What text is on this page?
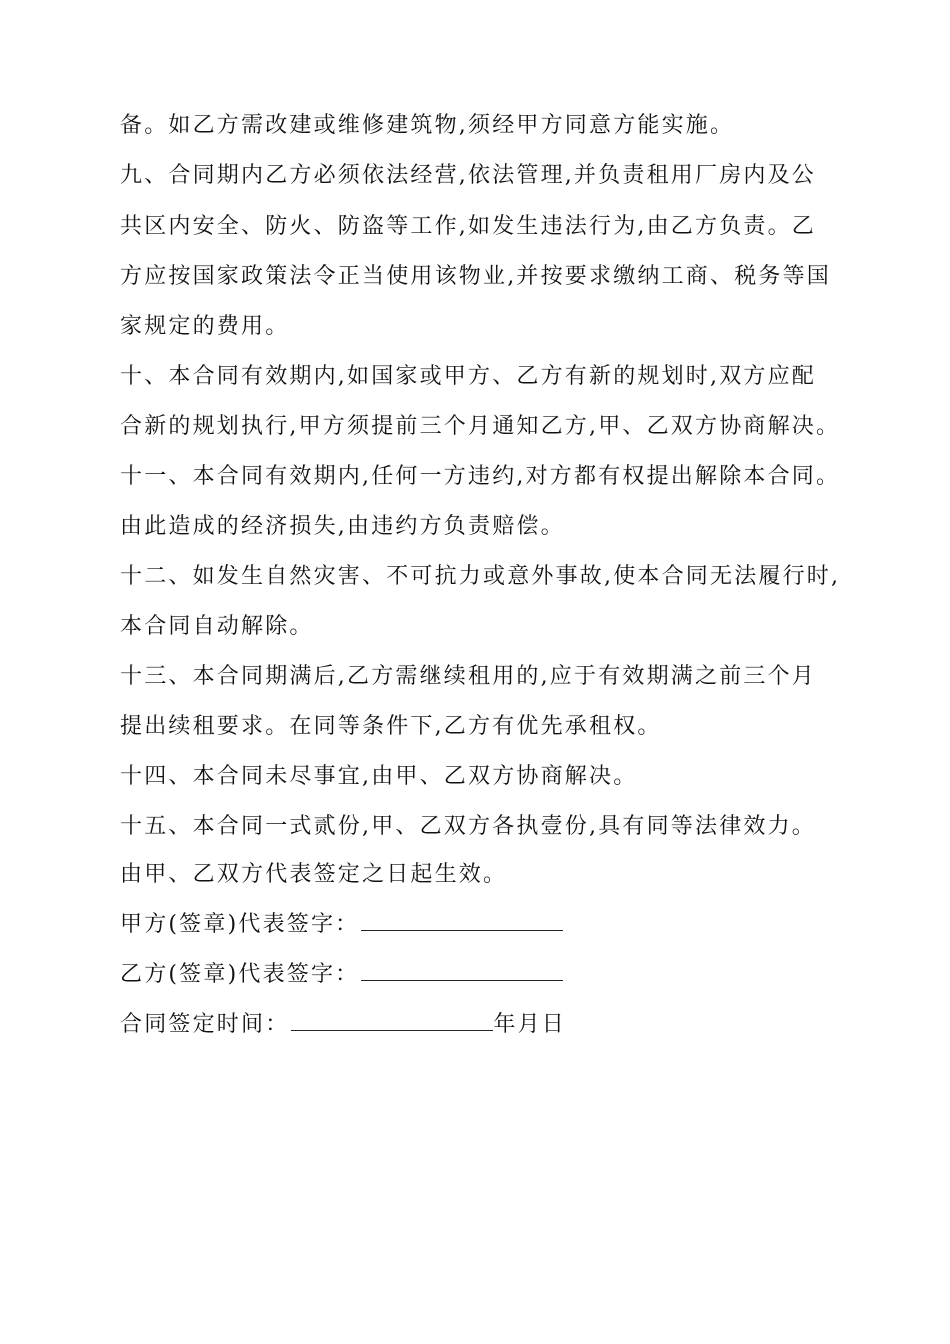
备。如乙方需改建或维修建筑物,须经甲方同意方能实施。
九、合同期内乙方必须依法经营,依法管理,并负责租用厂房内及公
共区内安全、防火、防盗等工作,如发生违法行为,由乙方负责。乙
方应按国家政策法令正当使用该物业,并按要求缴纳工商、税务等国
家规定的费用。
十、本合同有效期内,如国家或甲方、乙方有新的规划时,双方应配
合新的规划执行,甲方须提前三个月通知乙方,甲、乙双方协商解决。
十一、本合同有效期内,任何一方违约,对方都有权提出解除本合同。
由此造成的经济损失,由违约方负责赔偿。
十二、如发生自然灾害、不可抗力或意外事故,使本合同无法履行时,
本合同自动解除。
十三、本合同期满后,乙方需继续租用的,应于有效期满之前三个月
提出续租要求。在同等条件下,乙方有优先承租权。
十四、本合同未尽事宜,由甲、乙双方协商解决。
十五、本合同一式贰份,甲、乙双方各执壹份,具有同等法律效力。
由甲、乙双方代表签定之日起生效。
甲方(签章)代表签字：
乙方(签章)代表签字：
合同签定时间：	年月日
